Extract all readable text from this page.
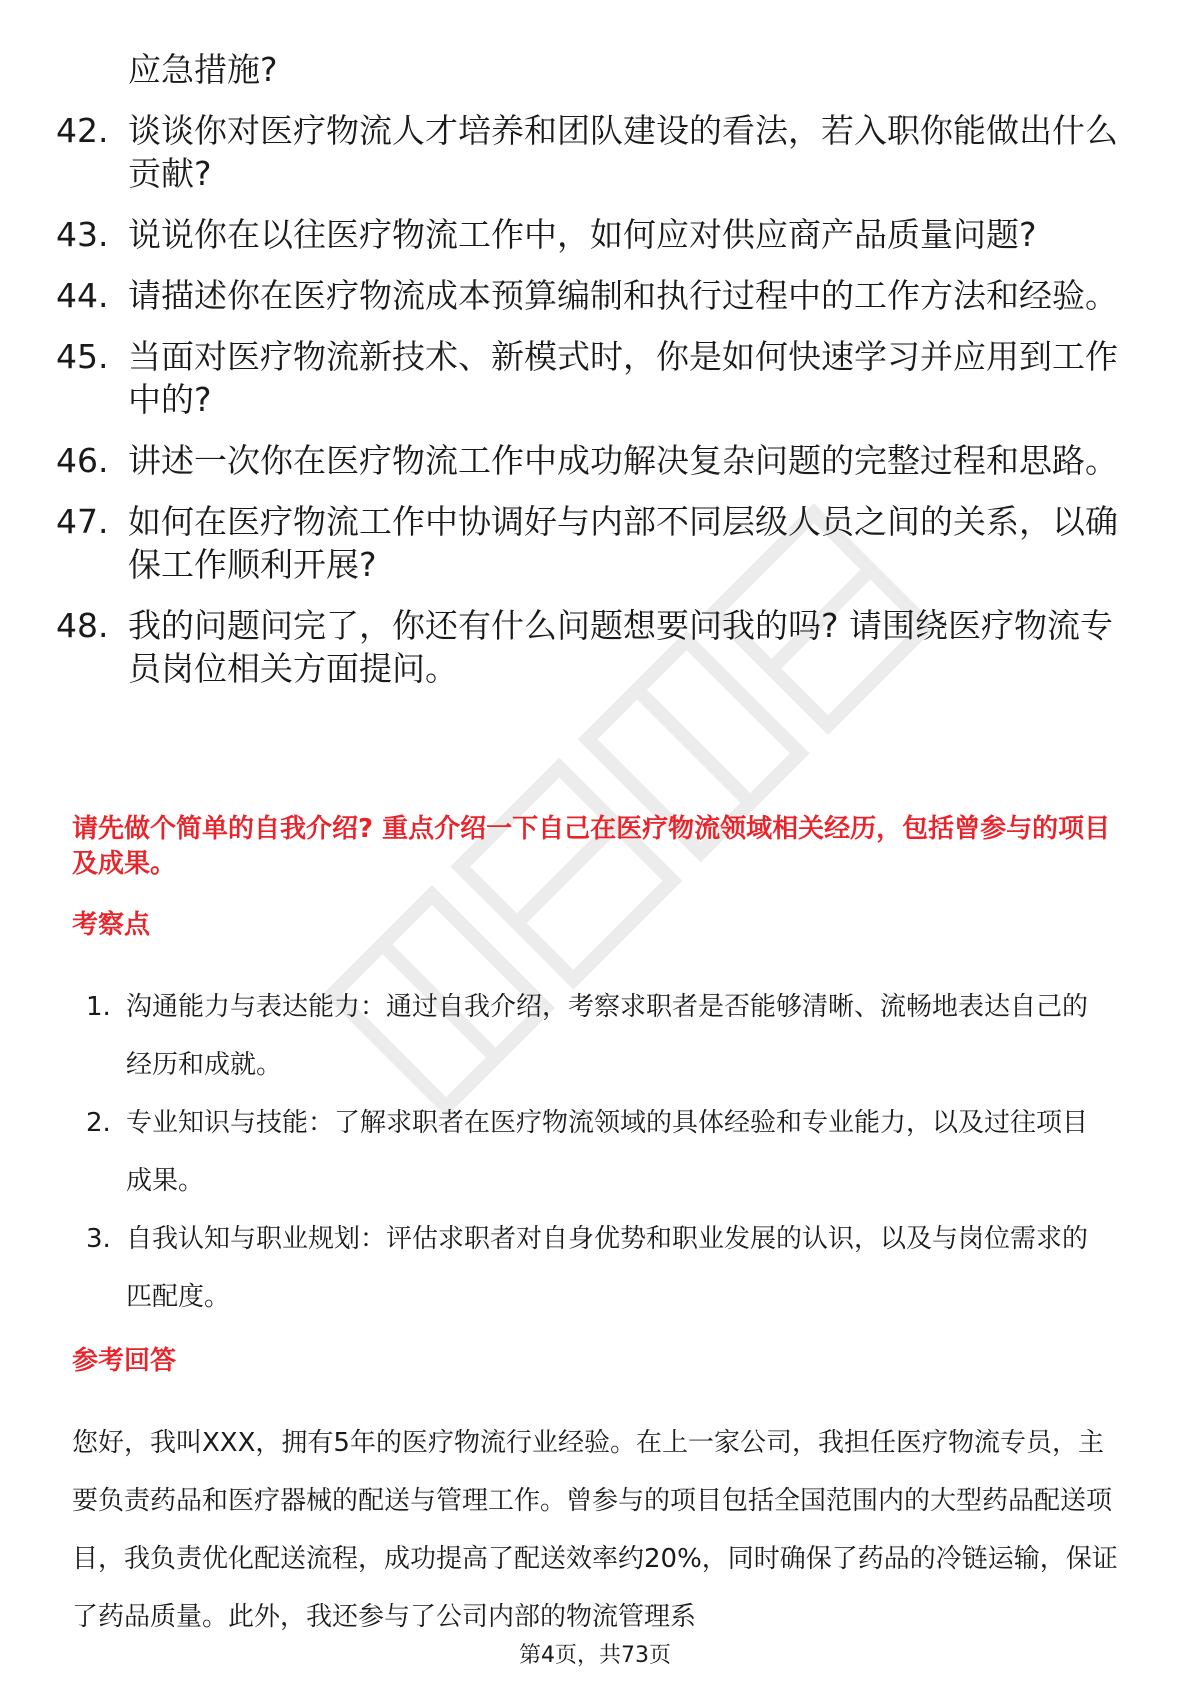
应急措施?
42. 谈谈你对医疗物流人才培养和团队建设的看法，若入职你能做出什么贡献?
43. 说说你在以往医疗物流工作中，如何应对供应商产品质量问题?
44. 请描述你在医疗物流成本预算编制和执行过程中的工作方法和经验。
45. 当面对医疗物流新技术、新模式时，你是如何快速学习并应用到工作中的?
46. 讲述一次你在医疗物流工作中成功解决复杂问题的完整过程和思路。
47. 如何在医疗物流工作中协调好与内部不同层级人员之间的关系，以确保工作顺利开展?
48. 我的问题问完了，你还有什么问题想要问我的吗? 请围绕医疗物流专员岗位相关方面提问。
请先做个简单的自我介绍? 重点介绍一下自己在医疗物流领域相关经历，包括曾参与的项目及成果。
考察点
1. 沟通能力与表达能力：通过自我介绍，考察求职者是否能够清晰、流畅地表达自己的经历和成就。
2. 专业知识与技能：了解求职者在医疗物流领域的具体经验和专业能力，以及过往项目成果。
3. 自我认知与职业规划：评估求职者对自身优势和职业发展的认识，以及与岗位需求的匹配度。
参考回答
您好，我叫XXX，拥有5年的医疗物流行业经验。在上一家公司，我担任医疗物流专员，主要负责药品和医疗器械的配送与管理工作。曾参与的项目包括全国范围内的大型药品配送项目，我负责优化配送流程，成功提高了配送效率约20%，同时确保了药品的冷链运输，保证了药品质量。此外，我还参与了公司内部的物流管理系
第4页，共73页
